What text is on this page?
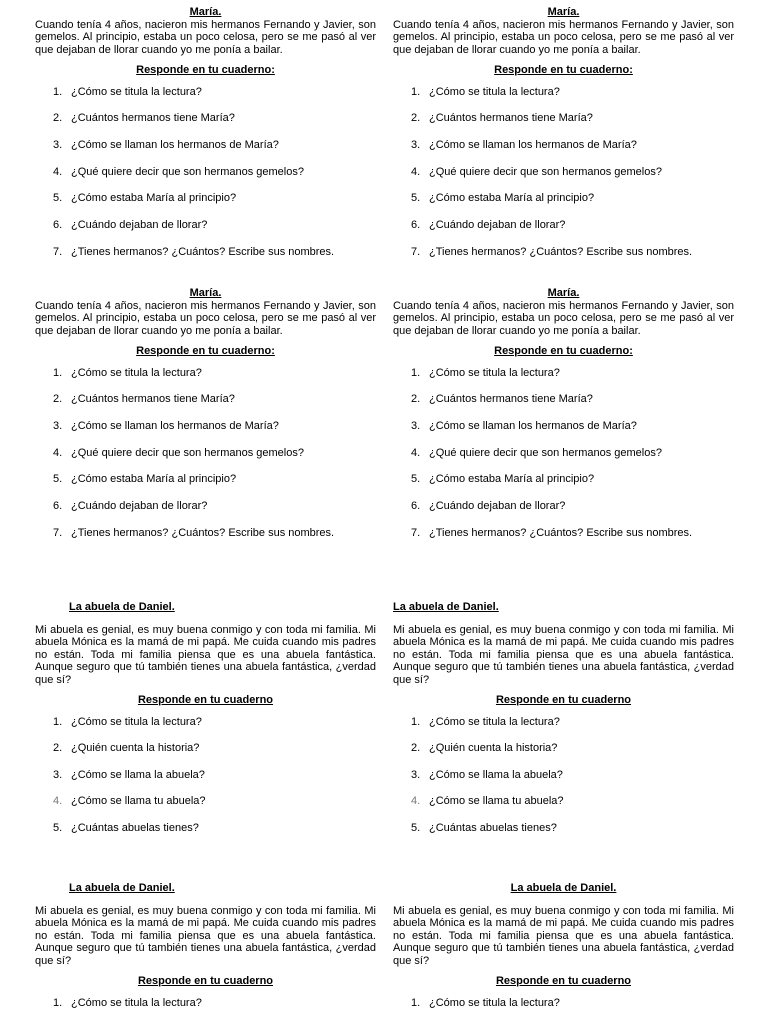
María.
Cuando tenía 4 años, nacieron mis hermanos Fernando y Javier, son gemelos. Al principio, estaba un poco celosa, pero se me pasó al ver que dejaban de llorar cuando yo me ponía a bailar.
Responde en tu cuaderno:
1. ¿Cómo se titula la lectura?
2. ¿Cuántos hermanos tiene María?
3. ¿Cómo se llaman los hermanos de María?
4. ¿Qué quiere decir que son hermanos gemelos?
5. ¿Cómo estaba María al principio?
6. ¿Cuándo dejaban de llorar?
7. ¿Tienes hermanos? ¿Cuántos? Escribe sus nombres.
María.
Cuando tenía 4 años, nacieron mis hermanos Fernando y Javier, son gemelos. Al principio, estaba un poco celosa, pero se me pasó al ver que dejaban de llorar cuando yo me ponía a bailar.
Responde en tu cuaderno:
1. ¿Cómo se titula la lectura?
2. ¿Cuántos hermanos tiene María?
3. ¿Cómo se llaman los hermanos de María?
4. ¿Qué quiere decir que son hermanos gemelos?
5. ¿Cómo estaba María al principio?
6. ¿Cuándo dejaban de llorar?
7. ¿Tienes hermanos? ¿Cuántos? Escribe sus nombres.
María.
Cuando tenía 4 años, nacieron mis hermanos Fernando y Javier, son gemelos. Al principio, estaba un poco celosa, pero se me pasó al ver que dejaban de llorar cuando yo me ponía a bailar.
Responde en tu cuaderno:
1. ¿Cómo se titula la lectura?
2. ¿Cuántos hermanos tiene María?
3. ¿Cómo se llaman los hermanos de María?
4. ¿Qué quiere decir que son hermanos gemelos?
5. ¿Cómo estaba María al principio?
6. ¿Cuándo dejaban de llorar?
7. ¿Tienes hermanos? ¿Cuántos? Escribe sus nombres.
María.
Cuando tenía 4 años, nacieron mis hermanos Fernando y Javier, son gemelos. Al principio, estaba un poco celosa, pero se me pasó al ver que dejaban de llorar cuando yo me ponía a bailar.
Responde en tu cuaderno:
1. ¿Cómo se titula la lectura?
2. ¿Cuántos hermanos tiene María?
3. ¿Cómo se llaman los hermanos de María?
4. ¿Qué quiere decir que son hermanos gemelos?
5. ¿Cómo estaba María al principio?
6. ¿Cuándo dejaban de llorar?
7. ¿Tienes hermanos? ¿Cuántos? Escribe sus nombres.
La abuela de Daniel.
Mi abuela es genial, es muy buena conmigo y con toda mi familia. Mi abuela Mónica es la mamá de mi papá. Me cuida cuando mis padres no están. Toda mi familia piensa que es una abuela fantástica. Aunque seguro que tú también tienes una abuela fantástica, ¿verdad que sí?
Responde en tu cuaderno
1. ¿Cómo se titula la lectura?
2. ¿Quién cuenta la historia?
3. ¿Cómo se llama la abuela?
4. ¿Cómo se llama tu abuela?
5. ¿Cuántas abuelas tienes?
La abuela de Daniel.
Mi abuela es genial, es muy buena conmigo y con toda mi familia. Mi abuela Mónica es la mamá de mi papá. Me cuida cuando mis padres no están. Toda mi familia piensa que es una abuela fantástica. Aunque seguro que tú también tienes una abuela fantástica, ¿verdad que sí?
Responde en tu cuaderno
1. ¿Cómo se titula la lectura?
2. ¿Quién cuenta la historia?
3. ¿Cómo se llama la abuela?
4. ¿Cómo se llama tu abuela?
5. ¿Cuántas abuelas tienes?
La abuela de Daniel.
Mi abuela es genial, es muy buena conmigo y con toda mi familia. Mi abuela Mónica es la mamá de mi papá. Me cuida cuando mis padres no están. Toda mi familia piensa que es una abuela fantástica. Aunque seguro que tú también tienes una abuela fantástica, ¿verdad que sí?
Responde en tu cuaderno
1. ¿Cómo se titula la lectura?
La abuela de Daniel.
Mi abuela es genial, es muy buena conmigo y con toda mi familia. Mi abuela Mónica es la mamá de mi papá. Me cuida cuando mis padres no están. Toda mi familia piensa que es una abuela fantástica. Aunque seguro que tú también tienes una abuela fantástica, ¿verdad que sí?
Responde en tu cuaderno
1. ¿Cómo se titula la lectura?
